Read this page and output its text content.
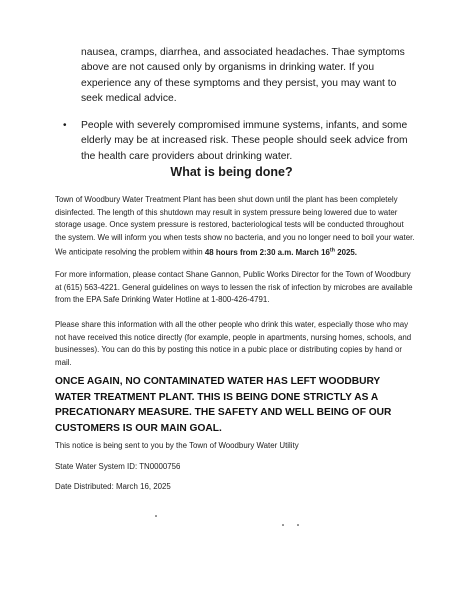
nausea, cramps, diarrhea, and associated headaches. Thae symptoms above are not caused only by organisms in drinking water. If you experience any of these symptoms and they persist, you may want to seek medical advice.

• People with severely compromised immune systems, infants, and some elderly may be at increased risk. These people should seek advice from the health care providers about drinking water.

What is being done?

Town of Woodbury Water Treatment Plant has been shut down until the plant has been completely disinfected. The length of this shutdown may result in system pressure being lowered due to water storage usage. Once system pressure is restored, bacteriological tests will be conducted throughout the system. We will inform you when tests show no bacteria, and you no longer need to boil your water. We anticipate resolving the problem within 48 hours from 2:30 a.m. March 16th 2025.

For more information, please contact Shane Gannon, Public Works Director for the Town of Woodbury at (615) 563-4221. General guidelines on ways to lessen the risk of infection by microbes are available from the EPA Safe Drinking Water Hotline at 1-800-426-4791.

Please share this information with all the other people who drink this water, especially those who may not have received this notice directly (for example, people in apartments, nursing homes, schools, and businesses). You can do this by posting this notice in a pubic place or distributing copies by hand or mail.

ONCE AGAIN, NO CONTAMINATED WATER HAS LEFT WOODBURY WATER TREATMENT PLANT. THIS IS BEING DONE STRICTLY AS A PRECATIONARY MEASURE. THE SAFETY AND WELL BEING OF OUR CUSTOMERS IS OUR MAIN GOAL.

This notice is being sent to you by the Town of Woodbury Water Utility

State Water System ID: TN0000756

Date Distributed: March 16, 2025
